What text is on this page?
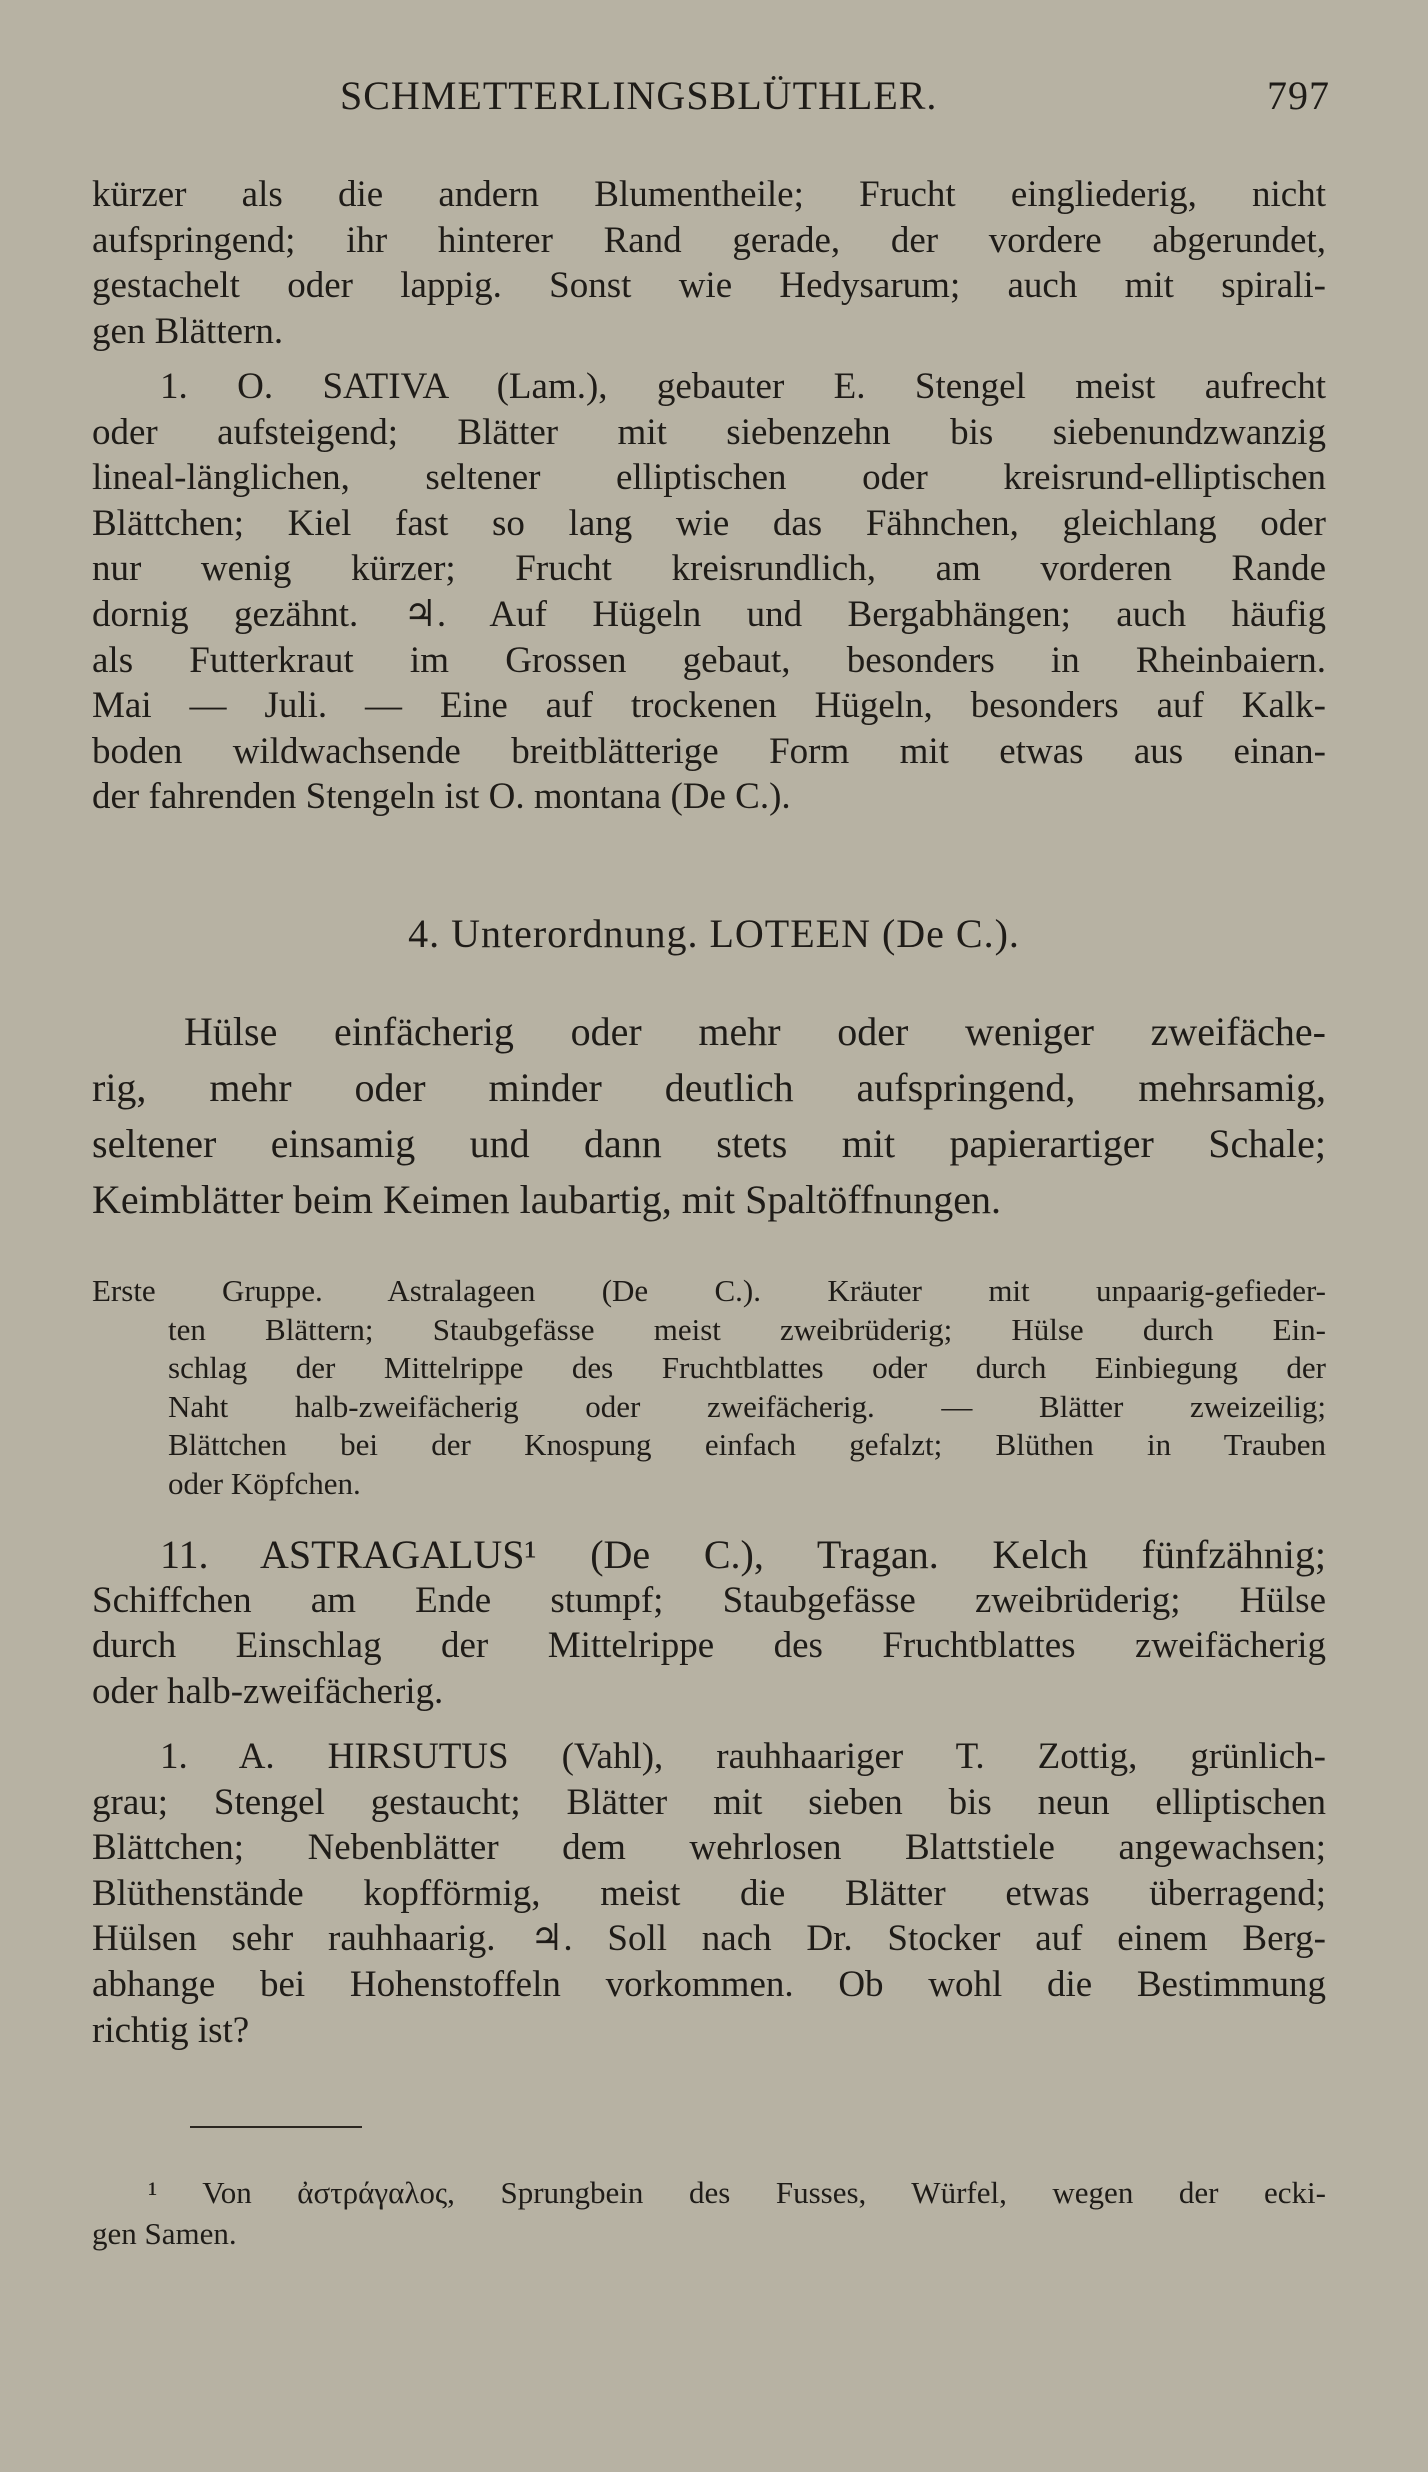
SCHMETTERLINGSBLÜTHLER.	797
kürzer als die andern Blumentheile; Frucht eingliederig, nicht
aufspringend; ihr hinterer Rand gerade, der vordere abgerundet,
gestachelt oder lappig. Sonst wie Hedysarum; auch mit spirali-
gen Blättern.
1. O. SATIVA (Lam.), gebauter E. Stengel meist aufrecht
oder aufsteigend; Blätter mit siebenzehn bis siebenundzwanzig
lineal-länglichen, seltener elliptischen oder kreisrund-elliptischen
Blättchen; Kiel fast so lang wie das Fähnchen, gleichlang oder
nur wenig kürzer; Frucht kreisrundlich, am vorderen Rande
dornig gezähnt. ♃. Auf Hügeln und Bergabhängen; auch häufig
als Futterkraut im Grossen gebaut, besonders in Rheinbaiern.
Mai — Juli. — Eine auf trockenen Hügeln, besonders auf Kalk-
boden wildwachsende breitblätterige Form mit etwas aus einan-
der fahrenden Stengeln ist O. montana (De C.).
4. Unterordnung. LOTEEN (De C.).
Hülse einfächerig oder mehr oder weniger zweifäche-
rig, mehr oder minder deutlich aufspringend, mehrsamig,
seltener einsamig und dann stets mit papierartiger Schale;
Keimblätter beim Keimen laubartig, mit Spaltöffnungen.
Erste Gruppe. Astralageen (De C.). Kräuter mit unpaarig-gefieder-
ten Blättern; Staubgefässe meist zweibrüderig; Hülse durch Ein-
schlag der Mittelrippe des Fruchtblattes oder durch Einbiegung der
Naht halb-zweifächerig oder zweifächerig. — Blätter zweizeilig;
Blättchen bei der Knospung einfach gefalzt; Blüthen in Trauben
oder Köpfchen.
11. ASTRAGALUS¹ (De C.), Tragan. Kelch fünfzähnig;
Schiffchen am Ende stumpf; Staubgefässe zweibrüderig; Hülse
durch Einschlag der Mittelrippe des Fruchtblattes zweifächerig
oder halb-zweifächerig.
1. A. HIRSUTUS (Vahl), rauhhaariger T. Zottig, grünlich-
grau; Stengel gestaucht; Blätter mit sieben bis neun elliptischen
Blättchen; Nebenblätter dem wehrlosen Blattstiele angewachsen;
Blüthenstände kopfförmig, meist die Blätter etwas überragend;
Hülsen sehr rauhhaarig. ♃. Soll nach Dr. Stocker auf einem Berg-
abhange bei Hohenstoffeln vorkommen. Ob wohl die Bestimmung
richtig ist?
¹ Von ἀστράγαλος, Sprungbein des Fusses, Würfel, wegen der ecki-
gen Samen.
